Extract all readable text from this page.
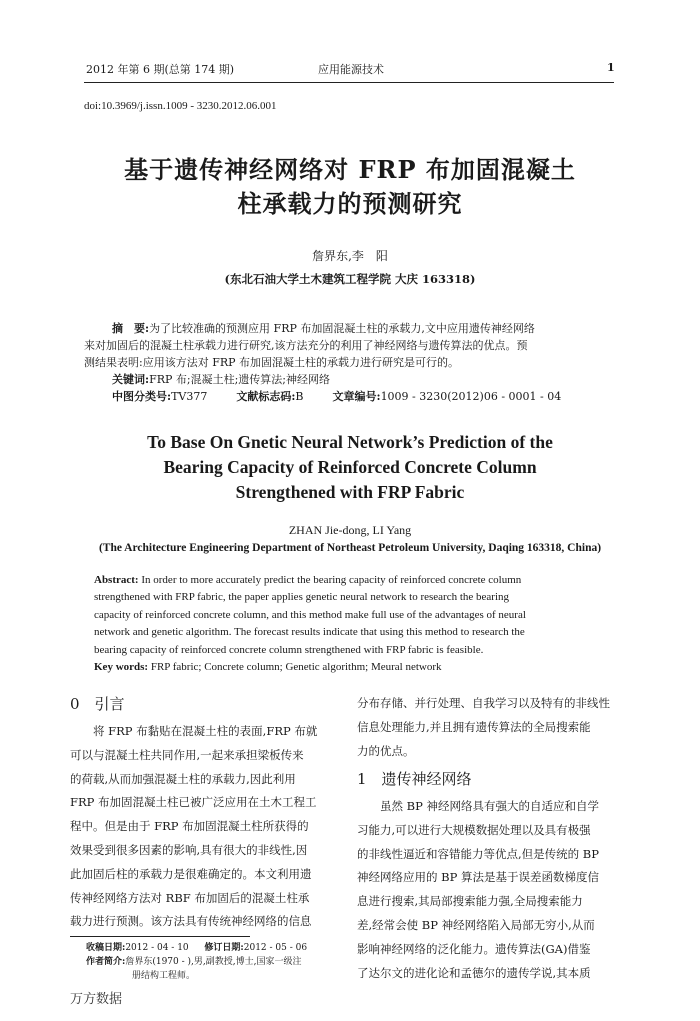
2012 年第 6 期(总第 174 期)	应用能源技术	1
doi:10.3969/j.issn.1009 - 3230.2012.06.001
基于遗传神经网络对 FRP 布加固混凝土
柱承载力的预测研究
詹界东,李　阳
(东北石油大学土木建筑工程学院 大庆 163318)
摘　要:为了比较准确的预测应用 FRP 布加固混凝土柱的承载力,文中应用遗传神经网络
来对加固后的混凝土柱承载力进行研究,该方法充分的利用了神经网络与遗传算法的优点。预
测结果表明:应用该方法对 FRP 布加固混凝土柱的承载力进行研究是可行的。
关键词:FRP 布;混凝土柱;遗传算法;神经网络
中图分类号:TV377	文献标志码:B	文章编号:1009 - 3230(2012)06 - 0001 - 04
To Base On Gnetic Neural Network’s Prediction of the
Bearing Capacity of Reinforced Concrete Column
Strengthened with FRP Fabric
ZHAN Jie-dong, LI Yang
(The Architecture Engineering Department of Northeast Petroleum University, Daqing 163318, China)
Abstract: In order to more accurately predict the bearing capacity of reinforced concrete column
strengthened with FRP fabric, the paper applies genetic neural network to research the bearing
capacity of reinforced concrete column, and this method make full use of the advantages of neural
network and genetic algorithm. The forecast results indicate that using this method to research the
bearing capacity of reinforced concrete column strengthened with FRP fabric is feasible.
Key words: FRP fabric; Concrete column; Genetic algorithm; Meural network
0　引言
　　将 FRP 布黏贴在混凝土柱的表面,FRP 布就
可以与混凝土柱共同作用,一起来承担梁板传来
的荷载,从而加强混凝土柱的承载力,因此利用
FRP 布加固混凝土柱已被广泛应用在土木工程工
程中。但是由于 FRP 布加固混凝土柱所获得的
效果受到很多因素的影响,具有很大的非线性,因
此加固后柱的承载力是很难确定的。本文利用遗
传神经网络方法对 RBF 布加固后的混凝土柱承
载力进行预测。该方法具有传统神经网络的信息
收稿日期:2012 - 04 - 10 修订日期:2012 - 05 - 06
作者简介:詹界东(1970 - ),男,副教授,博士,国家一级注
册结构工程师。
分布存储、并行处理、自我学习以及特有的非线性
信息处理能力,并且拥有遗传算法的全局搜索能
力的优点。
1　遗传神经网络
　　虽然 BP 神经网络具有强大的自适应和自学
习能力,可以进行大规模数据处理以及具有极强
的非线性逼近和容错能力等优点,但是传统的 BP
神经网络应用的 BP 算法是基于误差函数梯度信
息进行搜索,其局部搜索能力强,全局搜索能力
差,经常会使 BP 神经网络陷入局部无穷小,从而
影响神经网络的泛化能力。遗传算法(GA)借鉴
了达尔文的进化论和孟德尔的遗传学说,其本质
万方数据
